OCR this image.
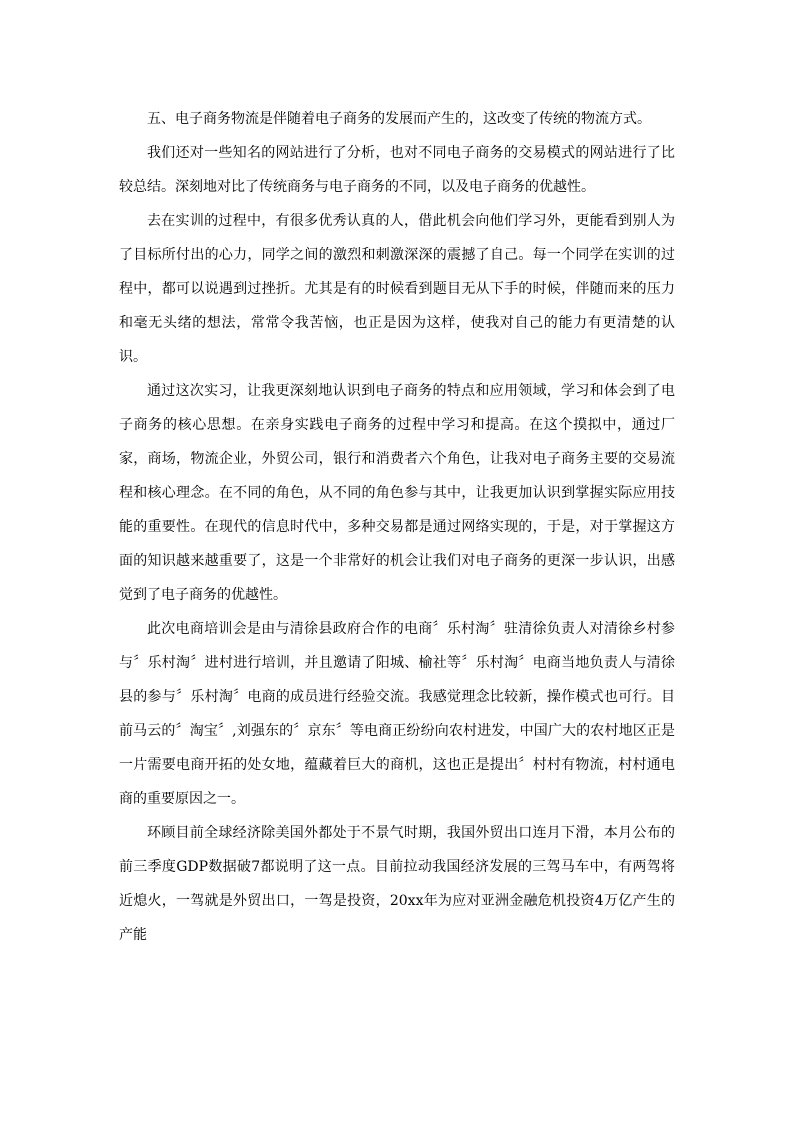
五、电子商务物流是伴随着电子商务的发展而产生的，这改变了传统的物流方式。

我们还对一些知名的网站进行了分析，也对不同电子商务的交易模式的网站进行了比较总结。深刻地对比了传统商务与电子商务的不同，以及电子商务的优越性。

去在实训的过程中，有很多优秀认真的人，借此机会向他们学习外，更能看到别人为了目标所付出的心力，同学之间的激烈和刺激深深的震撼了自己。每一个同学在实训的过程中，都可以说遇到过挫折。尤其是有的时候看到题目无从下手的时候，伴随而来的压力和毫无头绪的想法，常常令我苦恼，也正是因为这样，使我对自己的能力有更清楚的认识。

通过这次实习，让我更深刻地认识到电子商务的特点和应用领域，学习和体会到了电子商务的核心思想。在亲身实践电子商务的过程中学习和提高。在这个摸拟中，通过厂家，商场，物流企业，外贸公司，银行和消费者六个角色，让我对电子商务主要的交易流程和核心理念。在不同的角色，从不同的角色参与其中，让我更加认识到掌握实际应用技能的重要性。在现代的信息时代中，多种交易都是通过网络实现的，于是，对于掌握这方面的知识越来越重要了，这是一个非常好的机会让我们对电子商务的更深一步认识，出感觉到了电子商务的优越性。

此次电商培训会是由与清徐县政府合作的电商〞乐村淘〞驻清徐负责人对清徐乡村参与〞乐村淘〞进村进行培训，并且邀请了阳城、榆社等〞乐村淘〞电商当地负责人与清徐县的参与〞乐村淘〞电商的成员进行经验交流。我感觉理念比较新，操作模式也可行。目前马云的〞淘宝〞,刘强东的〞京东〞等电商正纷纷向农村进发，中国广大的农村地区正是一片需要电商开拓的处女地，蕴藏着巨大的商机，这也正是提出〞村村有物流，村村通电商的重要原因之一。

环顾目前全球经济除美国外都处于不景气时期，我国外贸出口连月下滑，本月公布的前三季度GDP数据破7都说明了这一点。目前拉动我国经济发展的三驾马车中，有两驾将近熄火，一驾就是外贸出口，一驾是投资，20xx年为应对亚洲金融危机投资4万亿产生的产能
